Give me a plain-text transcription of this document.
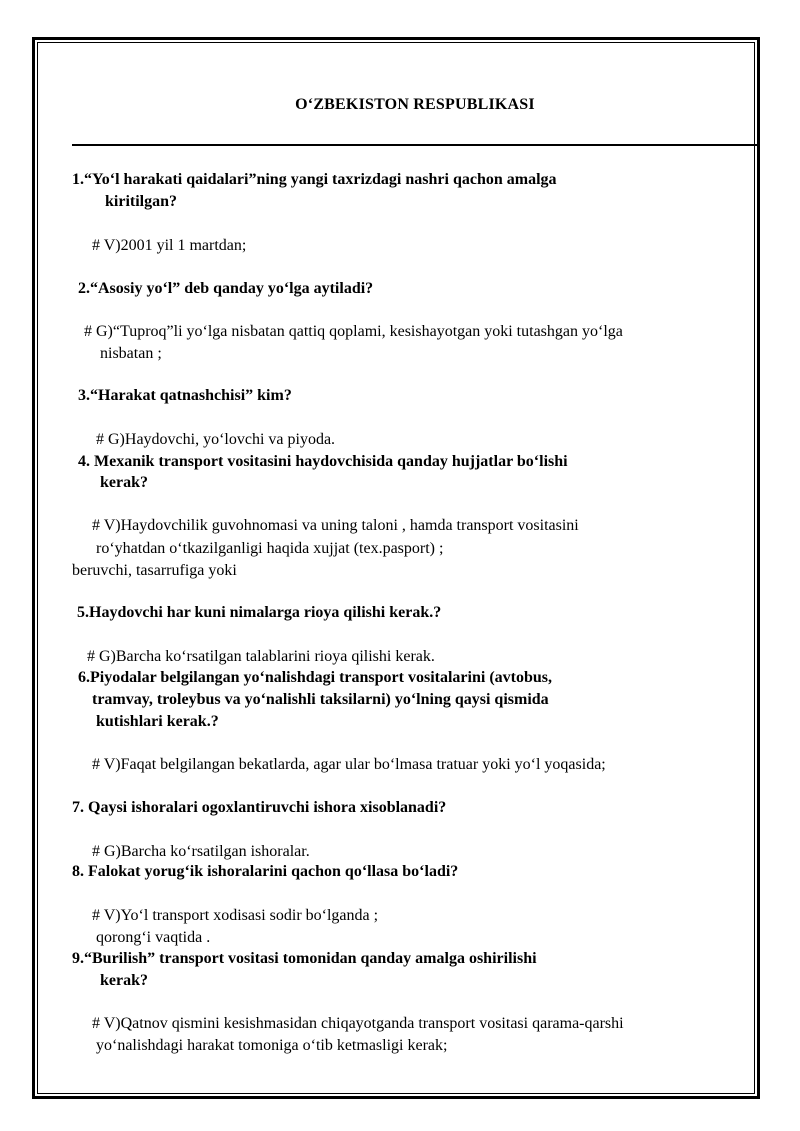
O‘ZBEKISTON RESPUBLIKASI
1.“Yo‘l harakati qaidalari”ning yangi taxrizdagi nashri qachon amalga
kiritilgan?
# V)2001 yil 1 martdan;
2.“Asosiy yo‘l” deb qanday yo‘lga aytiladi?
# G)“Tuproq”li yo‘lga nisbatan qattiq qoplami, kesishayotgan yoki tutashgan yo‘lga
nisbatan ;
3.“Harakat qatnashchisi” kim?
# G)Haydovchi, yo‘lovchi va piyoda.
4. Mexanik transport vositasini haydovchisida qanday hujjatlar bo‘lishi
kerak?
# V)Haydovchilik guvohnomasi va uning taloni , hamda transport vositasini
ro‘yhatdan o‘tkazilganligi haqida xujjat (tex.pasport) ;
beruvchi, tasarrufiga yoki
5.Haydovchi har kuni nimalarga rioya qilishi kerak.?
# G)Barcha ko‘rsatilgan talablarini rioya qilishi kerak.
6.Piyodalar belgilangan yo‘nalishdagi transport vositalarini (avtobus,
tramvay, troleybus va yo‘nalishli taksilarni) yo‘lning qaysi qismida
kutishlari kerak.?
# V)Faqat belgilangan bekatlarda, agar ular bo‘lmasa tratuar yoki yo‘l yoqasida;
7. Qaysi ishoralari ogoxlantiruvchi ishora xisoblanadi?
# G)Barcha ko‘rsatilgan ishoralar.
8. Falokat yorug‘ik ishoralarini qachon qo‘llasa bo‘ladi?
# V)Yo‘l transport xodisasi sodir bo‘lganda ;
qorong‘i vaqtida .
9.“Burilish” transport vositasi tomonidan qanday amalga oshirilishi
kerak?
# V)Qatnov qismini kesishmasidan chiqayotganda transport vositasi qarama-qarshi
yo‘nalishdagi harakat tomoniga o‘tib ketmasligi kerak;
